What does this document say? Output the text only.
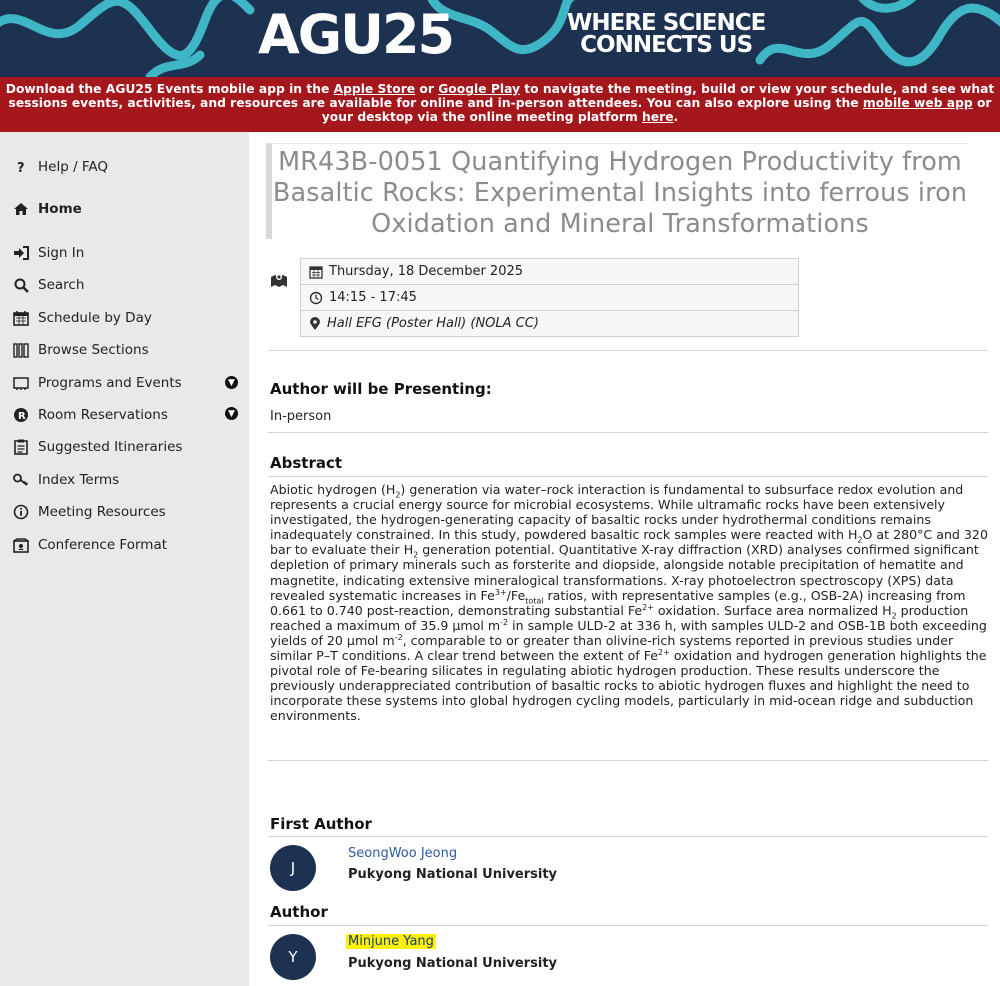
AGU25	WHERE SCIENCE
CONNECTS US
Download the AGU25 Events mobile app in the Apple Store or Google Play to navigate the meeting, build or view your schedule, and see what sessions events, activities, and resources are available for online and in-person attendees. You can also explore using the mobile web app or your desktop via the online meeting platform here.
? Help / FAQ
Home
Sign In
Search
Schedule by Day
Browse Sections
Programs and Events	▼
R Room Reservations	▼
Suggested Itineraries
Index Terms
Meeting Resources
Conference Format
MR43B-0051 Quantifying Hydrogen Productivity from Basaltic Rocks: Experimental Insights into ferrous iron Oxidation and Mineral Transformations
Thursday, 18 December 2025
14:15 - 17:45
Hall EFG (Poster Hall) (NOLA CC)
Author will be Presenting:
In-person
Abstract
Abiotic hydrogen $(H_2)$ generation via water–rock interaction is fundamental to subsurface redox evolution and represents a crucial energy source for microbial ecosystems. While ultramafic rocks have been extensively investigated, the hydrogen-generating capacity of basaltic rocks under hydrothermal conditions remains inadequately constrained. In this study, powdered basaltic rock samples were reacted with $H_2O$ at 280°C and 320 bar to evaluate their $H_2$ generation potential. Quantitative X-ray diffraction (XRD) analyses confirmed significant depletion of primary minerals such as forsterite and diopside, alongside notable precipitation of hematite and magnetite, indicating extensive mineralogical transformations. X-ray photoelectron spectroscopy (XPS) data revealed systematic increases in $Fe^{3+}/Fe_{total}$ ratios, with representative samples (e.g., OSB-2A) increasing from 0.661 to 0.740 post-reaction, demonstrating substantial $Fe^{2+}$ oxidation. Surface area normalized $H_2$ production reached a maximum of 35.9 μmol $m^{-2}$ in sample ULD-2 at 336 h, with samples ULD-2 and OSB-1B both exceeding yields of 20 μmol $m^{-2}$, comparable to or greater than olivine-rich systems reported in previous studies under similar P–T conditions. A clear trend between the extent of $Fe^{2+}$ oxidation and hydrogen generation highlights the pivotal role of Fe-bearing silicates in regulating abiotic hydrogen production. These results underscore the previously underappreciated contribution of basaltic rocks to abiotic hydrogen fluxes and highlight the need to incorporate these systems into global hydrogen cycling models, particularly in mid-ocean ridge and subduction environments.
First Author
J
SeongWoo Jeong
Pukyong National University
Author
Y
Minjune Yang
Pukyong National University
